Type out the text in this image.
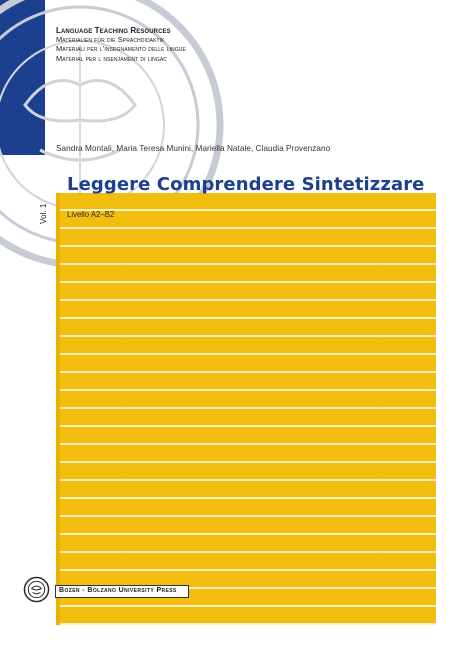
Language Teaching Resources
Materialien für die Sprachdidaktik
Materiali per l’insegnamento delle lingue
Material per l nsenjament di lingac
Sandra Montali, Maria Teresa Munini, Mariella Natale, Claudia Provenzano
Leggere Comprendere Sintetizzare
Vol. 1 Livello A2–B2
Bozen - Bolzano University Press
